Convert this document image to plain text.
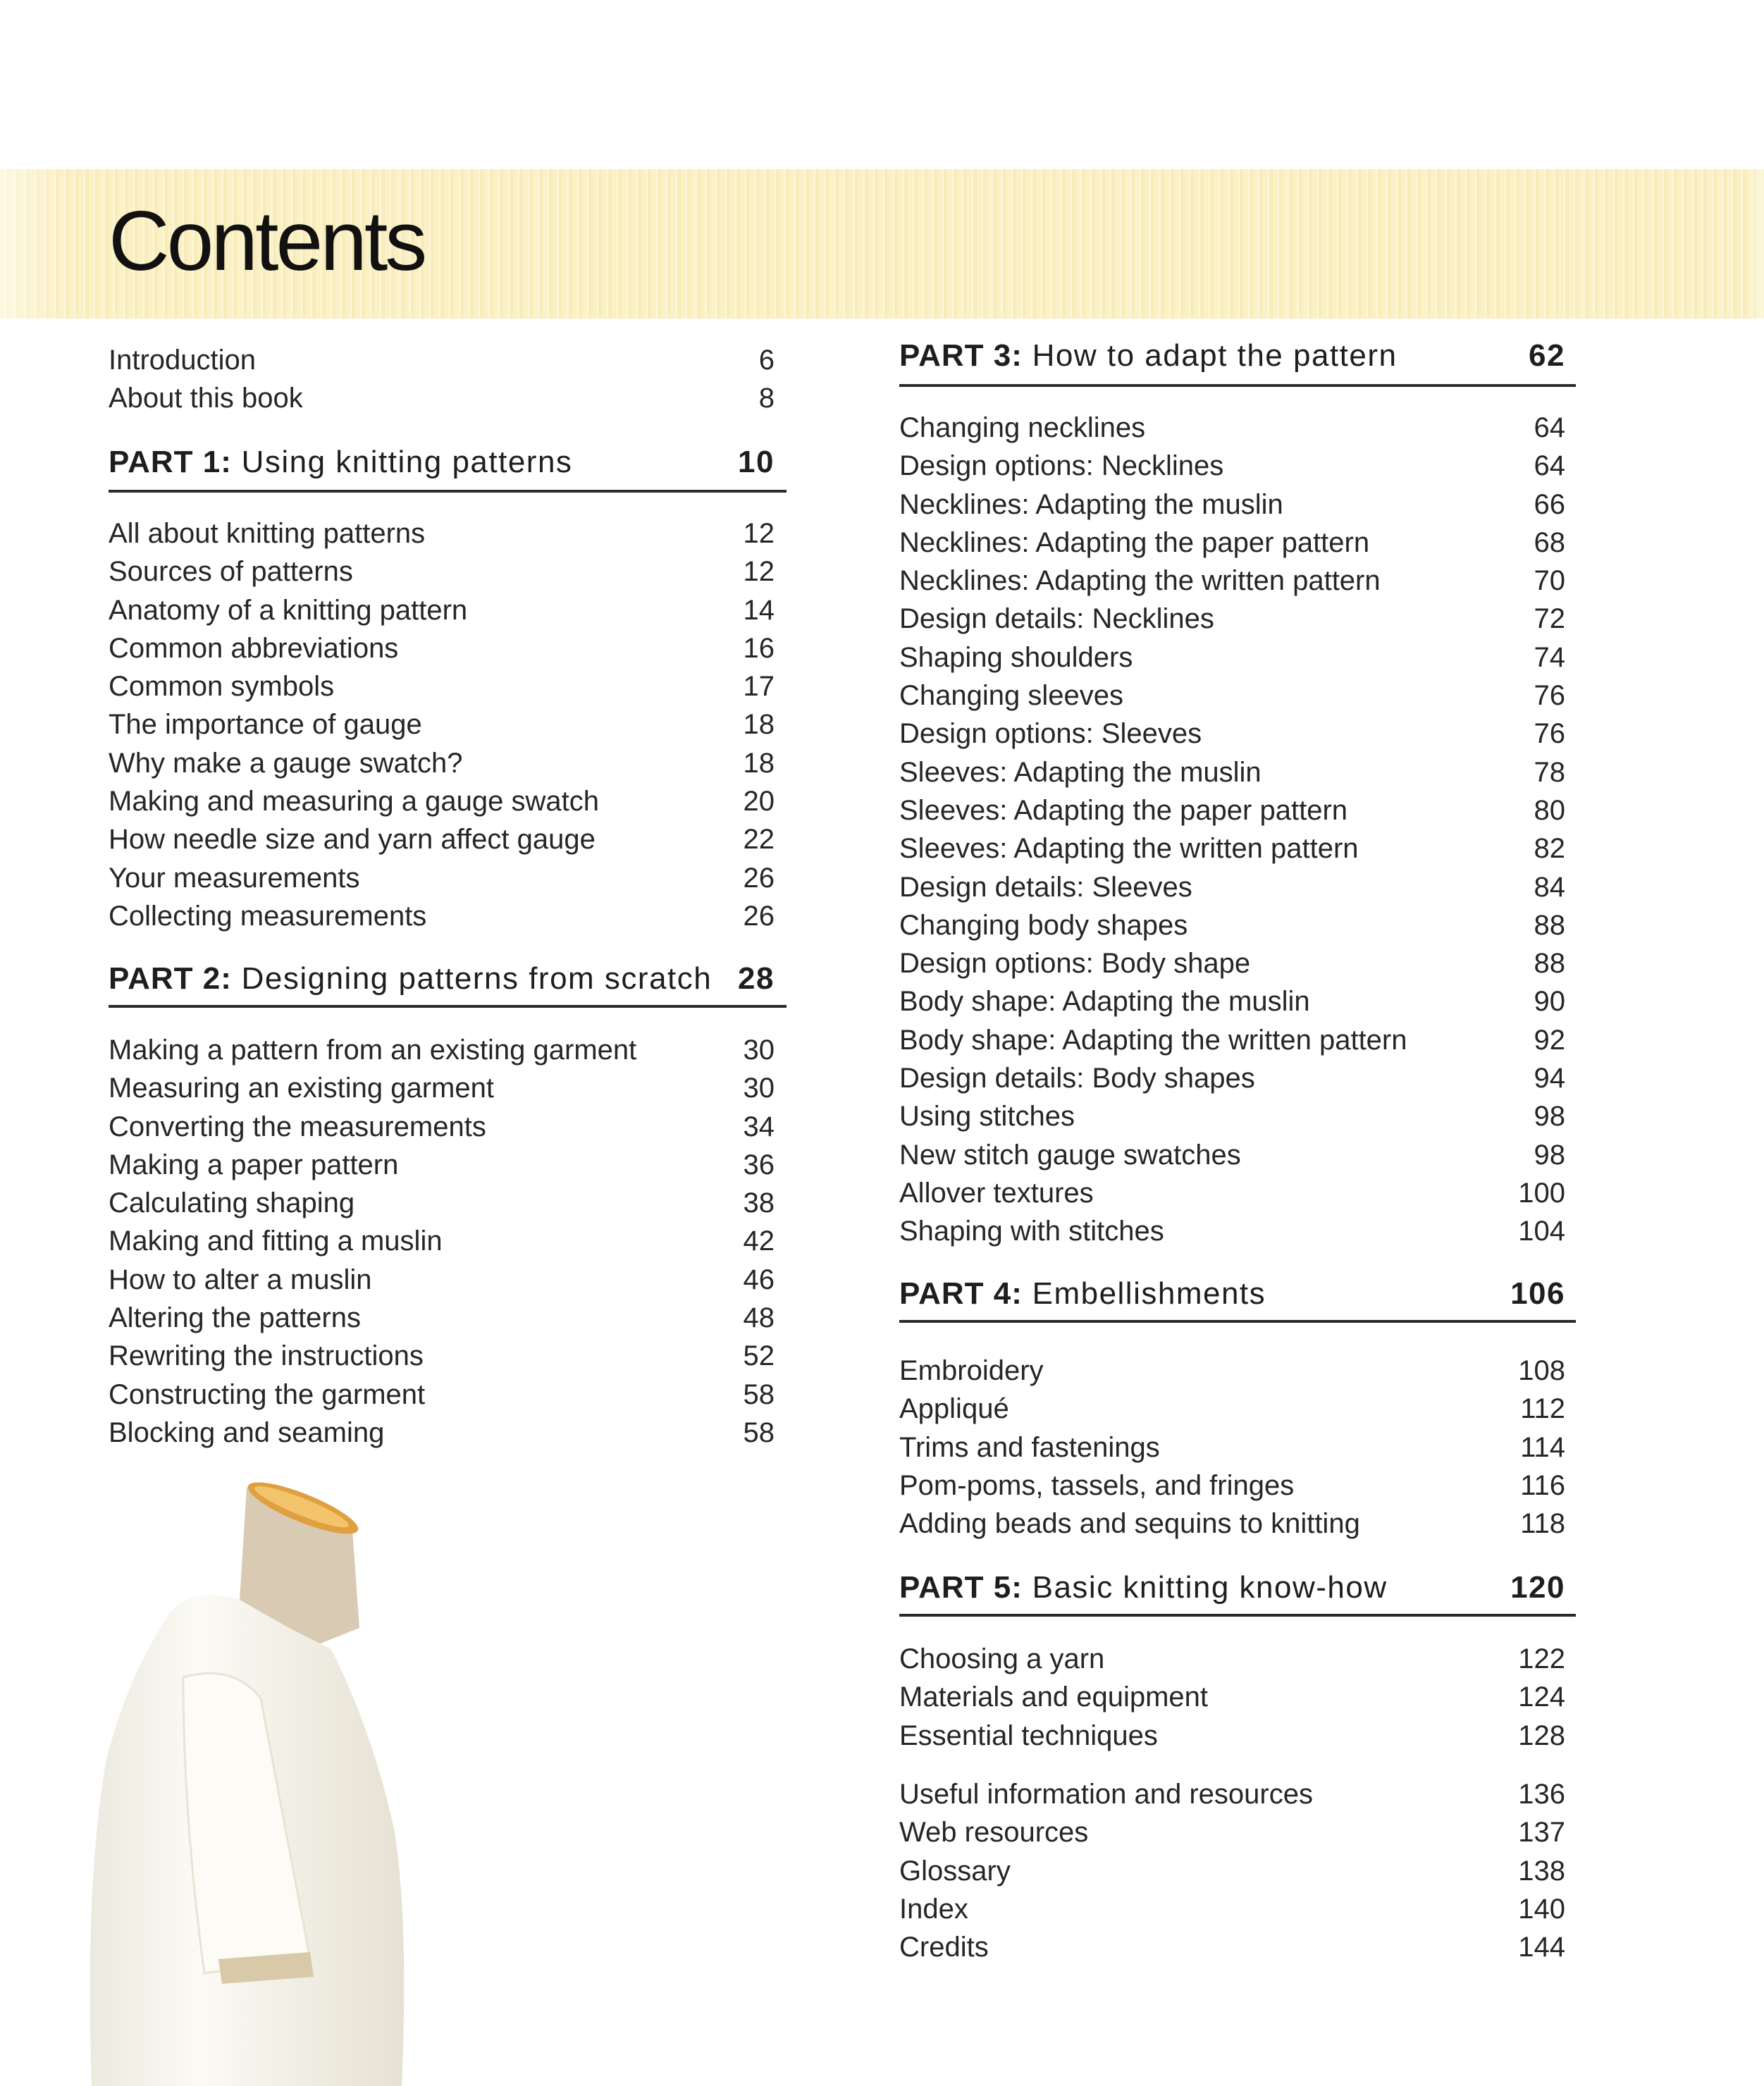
Contents
Introduction	6
About this book	8
PART 1: Using knitting patterns	10
All about knitting patterns	12
Sources of patterns	12
Anatomy of a knitting pattern	14
Common abbreviations	16
Common symbols	17
The importance of gauge	18
Why make a gauge swatch?	18
Making and measuring a gauge swatch	20
How needle size and yarn affect gauge	22
Your measurements	26
Collecting measurements	26
PART 2: Designing patterns from scratch 28
Making a pattern from an existing garment	30
Measuring an existing garment	30
Converting the measurements	34
Making a paper pattern	36
Calculating shaping	38
Making and fitting a muslin	42
How to alter a muslin	46
Altering the patterns	48
Rewriting the instructions	52
Constructing the garment	58
Blocking and seaming	58
PART 3: How to adapt the pattern	62
Changing necklines	64
Design options: Necklines	64
Necklines: Adapting the muslin	66
Necklines: Adapting the paper pattern	68
Necklines: Adapting the written pattern	70
Design details: Necklines	72
Shaping shoulders	74
Changing sleeves	76
Design options: Sleeves	76
Sleeves: Adapting the muslin	78
Sleeves: Adapting the paper pattern	80
Sleeves: Adapting the written pattern	82
Design details: Sleeves	84
Changing body shapes	88
Design options: Body shape	88
Body shape: Adapting the muslin	90
Body shape: Adapting the written pattern	92
Design details: Body shapes	94
Using stitches	98
New stitch gauge swatches	98
Allover textures	100
Shaping with stitches	104
PART 4: Embellishments	106
Embroidery	108
Appliqué	112
Trims and fastenings	114
Pom-poms, tassels, and fringes	116
Adding beads and sequins to knitting	118
PART 5: Basic knitting know-how	120
Choosing a yarn	122
Materials and equipment	124
Essential techniques	128
Useful information and resources	136
Web resources	137
Glossary	138
Index	140
Credits	144
